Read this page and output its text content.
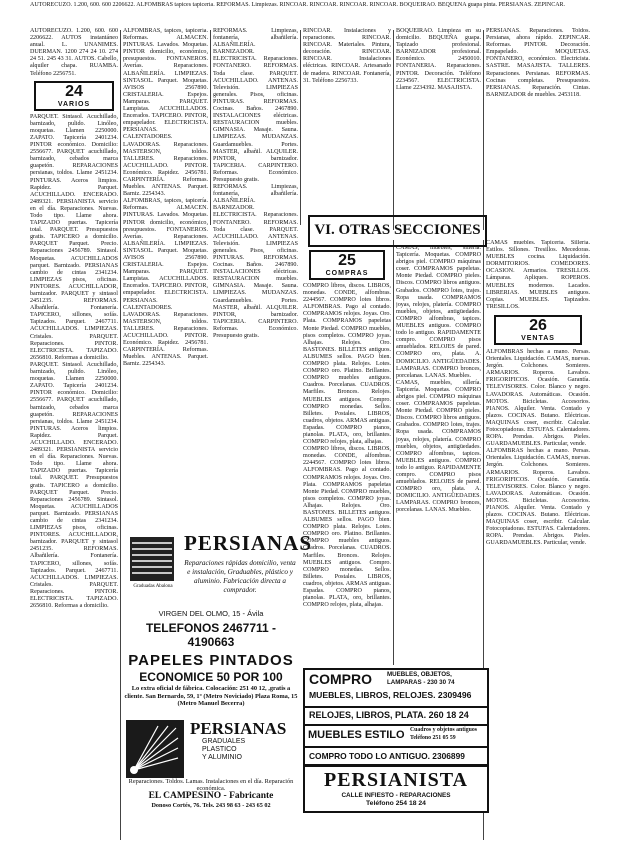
AUTORECUZO. 1.200, 600. 600 2206622. ALFOMBRAS tapices tapicería. REFORMAS. Limpiezas. RINCOAR. RINCOAR. RINCOAR. RINCOAR. BOQUEIRAO. BEQUEÑA guapa pinta. PERSIANAS. ZEPINCAR.

AUTORECUZO. 1.200, 600. 600 2206622. AUTOS instantáneo anual. L. UNANIMES. DUERMAN. 1200 274 24 10. 274 24 51. 245 43 31. AUTOS. Cabello, alquiler chapa. RUAMBA. Teléfono 2256751.

24
VARIOS

PARQUET. Sintasol. Acuchillado, barnizado, pulido. Linóleo, moquetas. Llamen 2250000. ZAPATO. Tapicería 2401234. PINTOR económico. Domicilio: 2556677. PARQUET acuchillado, barnizado, cebados marca guapetón. REPARACIONES persianas, toldos. Llame 2451234. PINTURAS. Aceros limpios. Rapidez. Parquet. ACUCHILLADO. ENCERADO. 2489321. PERSIANISTA servicio en el día. Reparaciones. Nuevas. Todo tipo. Llame ahora. TAPIZADO puertas. Tapicería total. PARQUET. Presupuestos gratis. TAPICERO a domicilio. PARQUET Parquet. Precio. Reparaciones 2456789. Sintasol. Moquetas. ACUCHILLADOS parquet. Barnizado. PERSIANAS cambio de cintas 2341234. LIMPIEZAS pisos, oficinas. PINTORES. ACUCHILLADOR, barnizador. PARQUET y sintasol 2451235. REFORMAS. Albañilería. Fontanería. TAPICERO, sillones, sofás. Tapizados. Parquet. 2467711. ACUCHILLADOS. LIMPIEZAS. Cristales. PARQUET. Reparaciones. PINTOR. ELECTRICISTA. TAPIZADO. 2656810. Reformas a domicilio.

PARQUET. Sintasol. Acuchillado, barnizado, pulido. Linóleo, moquetas. Llamen 2250000. ZAPATO. Tapicería 2401234. PINTOR económico. Domicilio: 2556677. PARQUET acuchillado, barnizado, cebados marca guapetón. REPARACIONES persianas, toldos. Llame 2451234. PINTURAS. Aceros limpios. Rapidez. Parquet. ACUCHILLADO. ENCERADO. 2489321. PERSIANISTA servicio en el día. Reparaciones. Nuevas. Todo tipo. Llame ahora. TAPIZADO puertas. Tapicería total. PARQUET. Presupuestos gratis. TAPICERO a domicilio. PARQUET Parquet. Precio. Reparaciones 2456789. Sintasol. Moquetas. ACUCHILLADOS parquet. Barnizado. PERSIANAS cambio de cintas 2341234. LIMPIEZAS pisos, oficinas. PINTORES. ACUCHILLADOR, barnizador. PARQUET y sintasol 2451235. REFORMAS. Albañilería. Fontanería. TAPICERO, sillones, sofás. Tapizados. Parquet. 2467711. ACUCHILLADOS. LIMPIEZAS. Cristales. PARQUET. Reparaciones. PINTOR. ELECTRICISTA. TAPIZADO. 2656810. Reformas a domicilio.

ALFOMBRAS, tapices, tapicería. Reformas. ALMACEN. PINTURAS. Lavados. Moquetas. PINTOR domicilio, económico, presupuestos. FONTANEROS. Averías. Reparaciones. ALBAÑILERÍA. LIMPIEZAS. SINTASOL. Parquet. Moquetas. AVISOS 2567890. CRISTALERIA. Espejos. Mamparas. PARQUET. Lampistas. ACUCHILLADOS. Encerados. TAPICERO. PINTOR, empapelador. ELECTRICISTA. PERSIANAS. CALENTADORES. LAVADORAS. Reparaciones. MASTERSON, toldos. TALLERES. Reparaciones. ACUCHILLADO. PINTOR. Económico. Rapidez. 2456781. CARPINTERÍA. Reformas. Muebles. ANTENAS. Parquet. Barniz. 2254343.

ALFOMBRAS, tapices, tapicería. Reformas. ALMACEN. PINTURAS. Lavados. Moquetas. PINTOR domicilio, económico, presupuestos. FONTANEROS. Averías. Reparaciones. ALBAÑILERÍA. LIMPIEZAS. SINTASOL. Parquet. Moquetas. AVISOS 2567890. CRISTALERIA. Espejos. Mamparas. PARQUET. Lampistas. ACUCHILLADOS. Encerados. TAPICERO. PINTOR, empapelador. ELECTRICISTA. PERSIANAS. CALENTADORES. LAVADORAS. Reparaciones. MASTERSON, toldos. TALLERES. Reparaciones. ACUCHILLADO. PINTOR. Económico. Rapidez. 2456781. CARPINTERÍA. Reformas. Muebles. ANTENAS. Parquet. Barniz. 2254343.

REFORMAS. Limpiezas, fontanería, albañilería. ALBAÑILERÍA. BARNIZADOR. ELECTRICISTA. Reparaciones. FONTANERO. REFORMAS. Toda clase. PARQUET. ACUCHILLADO. ANTENAS. Televisión. LIMPIEZAS generales. Pisos, oficinas. PINTURAS. REFORMAS. Cocinas. Baños. 2467890. INSTALACIONES eléctricas. RESTAURACION muebles. GIMNASIA. Masaje. Sauna. LIMPIEZAS. MUDANZAS. Guardamuebles. Portes. MASTER, albañil. ALQUILER. PINTOR, barnizador. TAPICERIA. CARPINTERO. Reformas. Económico. Presupuesto gratis.

REFORMAS. Limpiezas, fontanería, albañilería. ALBAÑILERÍA. BARNIZADOR. ELECTRICISTA. Reparaciones. FONTANERO. REFORMAS. Toda clase. PARQUET. ACUCHILLADO. ANTENAS. Televisión. LIMPIEZAS generales. Pisos, oficinas. PINTURAS. REFORMAS. Cocinas. Baños. 2467890. INSTALACIONES eléctricas. RESTAURACION muebles. GIMNASIA. Masaje. Sauna. LIMPIEZAS. MUDANZAS. Guardamuebles. Portes. MASTER, albañil. ALQUILER. PINTOR, barnizador. TAPICERIA. CARPINTERO. Reformas. Económico. Presupuesto gratis.

RINCOAR. Instalaciones y reparaciones. RINCOAR. RINCOAR. Materiales. Pintura, decoración. RINCOAR. RINCOAR. Instalaciones eléctricas. RINCOAR. Artesanado de madera. RINCOAR. Fontanería, 31. Teléfono 2256733.

BOQUEIRAO. Limpieza en su domicilio. BEQUEÑA guapa. Tapizado profesional. BARNIZADOR profesional. Económico. 2450010. FONTANERIA. Reparaciones. PINTOR. Decoración. Teléfono 2234567. ELECTRICISTA. Llame 2234392. MASAJISTA.

PERSIANAS. Reparaciones. Toldos. Persianas, ahora rápido. ZEPINCAR. Reformas. PINTOR. Decoración. Empapelado. MOQUETAS. FONTANERO, económico. Electricista. SASTRE. MASAJISTA. TALLERES. Reparaciones. Persianas. REFORMAS. Cocinas completas. Presupuestos. PERSIANAS. Reparación. Cintas. BARNIZADOR de muebles. 2453118.

VI. OTRAS SECCIONES
25
COMPRAS

COMPRO libros, discos. LIBROS, monedas. CONDE, alfombras. 2244567. COMPRO lotes libros. ALFOMBRAS. Pago al contado. COMPRAMOS relojes. Joyas. Oro. Plata. COMPRAMOS papeletas Monte Piedad. COMPRO muebles, pisos completos. COMPRO joyas. Alhajas. Relojes. Oro. BASTONES. BILLETES antiguos. ALBUMES sellos. PAGO bien. COMPRO plata. Relojes. Lotes. COMPRO oro. Platino. Brillantes. COMPRO muebles antiguos. Cuadros. Porcelanas. CUADROS. Marfiles. Bronces. Relojes. MUEBLES antiguos. Compro. COMPRO monedas. Sellos. Billetes. Postales. LIBROS, cuadros, objetos. ARMAS antiguas. Espadas. COMPRO pianos, pianolas. PLATA, oro, brillantes. COMPRO relojes, plata, alhajas.

COMPRO libros, discos. LIBROS, monedas. CONDE, alfombras. 2244567. COMPRO lotes libros. ALFOMBRAS. Pago al contado. COMPRAMOS relojes. Joyas. Oro. Plata. COMPRAMOS papeletas Monte Piedad. COMPRO muebles, pisos completos. COMPRO joyas. Alhajas. Relojes. Oro. BASTONES. BILLETES antiguos. ALBUMES sellos. PAGO bien. COMPRO plata. Relojes. Lotes. COMPRO oro. Platino. Brillantes. COMPRO muebles antiguos. Cuadros. Porcelanas. CUADROS. Marfiles. Bronces. Relojes. MUEBLES antiguos. Compro. COMPRO monedas. Sellos. Billetes. Postales. LIBROS, cuadros, objetos. ARMAS antiguas. Espadas. COMPRO pianos, pianolas. PLATA, oro, brillantes. COMPRO relojes, plata, alhajas.

CAMAS, muebles, sillería. Tapicería. Moquetas. COMPRO abrigos piel. COMPRO máquinas coser. COMPRAMOS papeletas. Monte Piedad. COMPRO pieles. Discos. COMPRO libros antiguos. Grabados. COMPRO lotes, trajes. Ropa usada. COMPRAMOS joyas, relojes, platería. COMPRO muebles, objetos, antigüedades. COMPRO alfombras, tapices. MUEBLES antiguos. COMPRO todo lo antiguo. RAPIDAMENTE compro. COMPRO pisos amueblados. RELOJES de pared. COMPRO oro, plata. A. DOMICILIO. ANTIGÜEDADES. LAMPARAS. COMPRO bronces, porcelanas. LANAS. Muebles.

CAMAS, muebles, sillería. Tapicería. Moquetas. COMPRO abrigos piel. COMPRO máquinas coser. COMPRAMOS papeletas. Monte Piedad. COMPRO pieles. Discos. COMPRO libros antiguos. Grabados. COMPRO lotes, trajes. Ropa usada. COMPRAMOS joyas, relojes, platería. COMPRO muebles, objetos, antigüedades. COMPRO alfombras, tapices. MUEBLES antiguos. COMPRO todo lo antiguo. RAPIDAMENTE compro. COMPRO pisos amueblados. RELOJES de pared. COMPRO oro, plata. A. DOMICILIO. ANTIGÜEDADES. LAMPARAS. COMPRO bronces, porcelanas. LANAS. Muebles.

CAMAS muebles. Tapicería. Sillería. Estilos. Sillones. Tresillos. Mecedoras. MUEBLES cocina. Liquidación. DORMITORIOS. COMEDORES. OCASION. Armarios. TRESILLOS. Lámparas. Apliques. ROPEROS. MUEBLES modernos. Lacados. LIBRERIAS. MUEBLES antiguos. Copias. MUEBLES. Tapizados. TRESILLOS.

26
VENTAS

ALFOMBRAS hechas a mano. Persas. Orientales. Liquidación. CAMAS, nuevas. Jergón. Colchones. Somieres. ARMARIOS. Roperos. Lavabos. FRIGORIFICOS. Ocasión. Garantía. TELEVISORES. Color. Blanco y negro. LAVADORAS. Automáticas. Ocasión. MOTOS. Bicicletas. Accesorios. PIANOS. Alquiler. Venta. Contado y plazos. COCINAS. Butano. Eléctricas. MAQUINAS coser, escribir. Calcular. Fotocopiadoras. ESTUFAS. Calentadores. ROPA. Prendas. Abrigos. Pieles. GUARDAMUEBLES. Particular, vende.

ALFOMBRAS hechas a mano. Persas. Orientales. Liquidación. CAMAS, nuevas. Jergón. Colchones. Somieres. ARMARIOS. Roperos. Lavabos. FRIGORIFICOS. Ocasión. Garantía. TELEVISORES. Color. Blanco y negro. LAVADORAS. Automáticas. Ocasión. MOTOS. Bicicletas. Accesorios. PIANOS. Alquiler. Venta. Contado y plazos. COCINAS. Butano. Eléctricas. MAQUINAS coser, escribir. Calcular. Fotocopiadoras. ESTUFAS. Calentadores. ROPA. Prendas. Abrigos. Pieles. GUARDAMUEBLES. Particular, vende.

Graduadas Abalona
PERSIANAS
Reparaciones rápidas domicilio, venta e instalación, Graduables, plástico y aluminio. Fabricación directa a comprador.
VIRGEN DEL OLMO, 15 - Ávila
TELEFONOS 2467711 - 4190663
PAPELES PINTADOS
ECONOMICE 50 POR 100
Lo extra oficial de fábrica. Colocación: 251 40 12, ,gratis a cliente. San Bernardo, 59, 1º (Metro Noviciado) Plaza Roma, 15 (Metro Manuel Becerra)
PERSIANAS
GRADUALES
PLASTICO
Y ALUMINIO
Reparaciones. Toldos. Lamas. Instalaciones en el día. Reparación económica.
EL CAMPESINO - Fabricante
Donoso Cortés, 76. Tels. 243 98 63 - 243 65 02
COMPRO MUEBLES, OBJETOS,
LAMPARAS - 230 30 74
MUEBLES, LIBROS, RELOJES. 2309496
RELOJES, LIBROS, PLATA. 260 18 24
MUEBLES ESTILO Cuadros y objetos antiguos
Teléfono 251 05 59
COMPRO TODO LO ANTIGUO. 2306899
PERSIANISTA
CALLE INFIESTO - REPARACIONES
Teléfono 254 18 24
